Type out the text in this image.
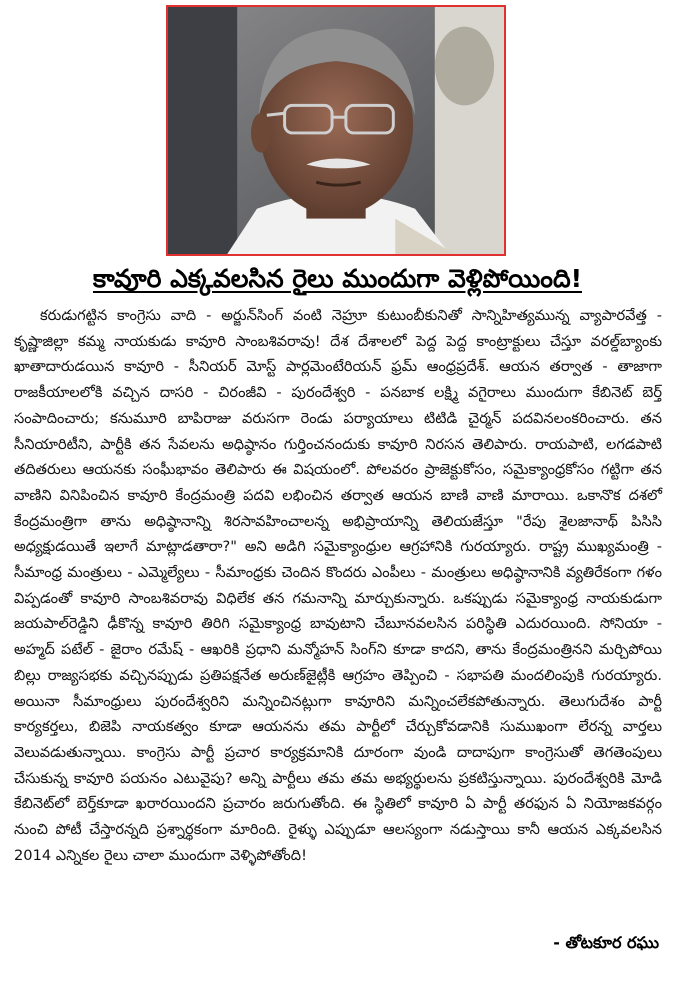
కావూరి ఎక్కవలసిన రైలు ముందుగా వెళ్లిపోయింది!

కరుడుగట్టిన కాంగ్రెసు వాది - అర్జున్‌సింగ్ వంటి నెహ్రూ కుటుంబీకునితో సాన్నిహిత్యమున్న వ్యాపారవేత్త - కృష్ణాజిల్లా కమ్మ నాయకుడు కావూరి సాంబశివరావు! దేశ దేశాలలో పెద్ద పెద్ద కాంట్రాక్టులు చేస్తూ వరల్డ్‌బ్యాంకు ఖాతాదారుడయిన కావూరి - సీనియర్ మోస్ట్ పార్లమెంటేరియన్ ఫ్రమ్ ఆంధ్రప్రదేశ్. ఆయన తర్వాత - తాజాగా రాజకీయాలలోకి వచ్చిన దాసరి - చిరంజీవి - పురందేశ్వరి - పనబాక లక్ష్మి వగైరాలు ముందుగా కేబినెట్ బెర్త్ సంపాదించారు; కనుమూరి బాపిరాజు వరుసగా రెండు పర్యాయాలు టిటిడి చైర్మన్ పదవినలంకరించారు. తన సీనియారిటీని, పార్టీకి తన సేవలను అధిష్ఠానం గుర్తించనందుకు కావూరి నిరసన తెలిపారు. రాయపాటి, లగడపాటి తదితరులు ఆయనకు సంఘీభావం తెలిపారు ఈ విషయంలో. పోలవరం ప్రాజెక్టుకోసం, సమైక్యాంధ్రకోసం గట్టిగా తన వాణిని వినిపించిన కావూరి కేంద్రమంత్రి పదవి లభించిన తర్వాత ఆయన బాణి వాణి మారాయి. ఒకానొక దశలో కేంద్రమంత్రిగా తాను అధిష్ఠానాన్ని శిరసావహించాలన్న అభిప్రాయాన్ని తెలియజేస్తూ "రేపు శైలజానాథ్ పిసిసి అధ్యక్షుడయితే ఇలాగే మాట్లాడతారా?" అని అడిగి సమైక్యాంధ్రుల ఆగ్రహానికి గురయ్యారు. రాష్ట్ర ముఖ్యమంత్రి - సీమాంధ్ర మంత్రులు - ఎమ్మెల్యేలు - సీమాంధ్రకు చెందిన కొందరు ఎంపీలు - మంత్రులు అధిష్ఠానానికి వ్యతిరేకంగా గళం విప్పడంతో కావూరి సాంబశివరావు విధిలేక తన గమనాన్ని మార్చుకున్నారు. ఒకప్పుడు సమైక్యాంధ్ర నాయకుడుగా జయపాల్‌రెడ్డిని ఢీకొన్న కావూరి తిరిగి సమైక్యాంధ్ర బావుటాని చేబూనవలసిన పరిస్థితి ఎదురయింది. సోనియా - అహ్మద్ పటేల్ - జైరాం రమేష్ - ఆఖరికి ప్రధాని మన్మోహన్ సింగ్‌ని కూడా కాదని, తాను కేంద్రమంత్రినని మర్చిపోయి బిల్లు రాజ్యసభకు వచ్చినప్పుడు ప్రతిపక్షనేత అరుణ్‌జైట్లీకి ఆగ్రహం తెప్పించి - సభాపతి మందలింపుకి గురయ్యారు. అయినా సీమాంధ్రులు పురందేశ్వరిని మన్నించినట్లుగా కావూరిని మన్నించలేకపోతున్నారు. తెలుగుదేశం పార్టీ కార్యకర్తలు, బిజెపి నాయకత్వం కూడా ఆయనను తమ పార్టీలో చేర్చుకోవడానికి సుముఖంగా లేరన్న వార్తలు వెలువడుతున్నాయి. కాంగ్రెసు పార్టీ ప్రచార కార్యక్రమానికి దూరంగా వుండి దాదాపుగా కాంగ్రెసుతో తెగతెంపులు చేసుకున్న కావూరి పయనం ఎటువైపు? అన్ని పార్టీలు తమ తమ అభ్యర్థులను ప్రకటిస్తున్నాయి. పురందేశ్వరికి మోడి కేబినెట్‌లో బెర్త్‌కూడా ఖరారయిందని ప్రచారం జరుగుతోంది. ఈ స్థితిలో కావూరి ఏ పార్టీ తరఫున ఏ నియోజకవర్గం నుంచి పోటీ చేస్తారన్నది ప్రశ్నార్థకంగా మారింది. రైళ్ళు ఎప్పుడూ ఆలస్యంగా నడుస్తాయి కానీ ఆయన ఎక్కవలసిన 2014 ఎన్నికల రైలు చాలా ముందుగా వెళ్ళిపోతోంది!

- తోటకూర రఘు
